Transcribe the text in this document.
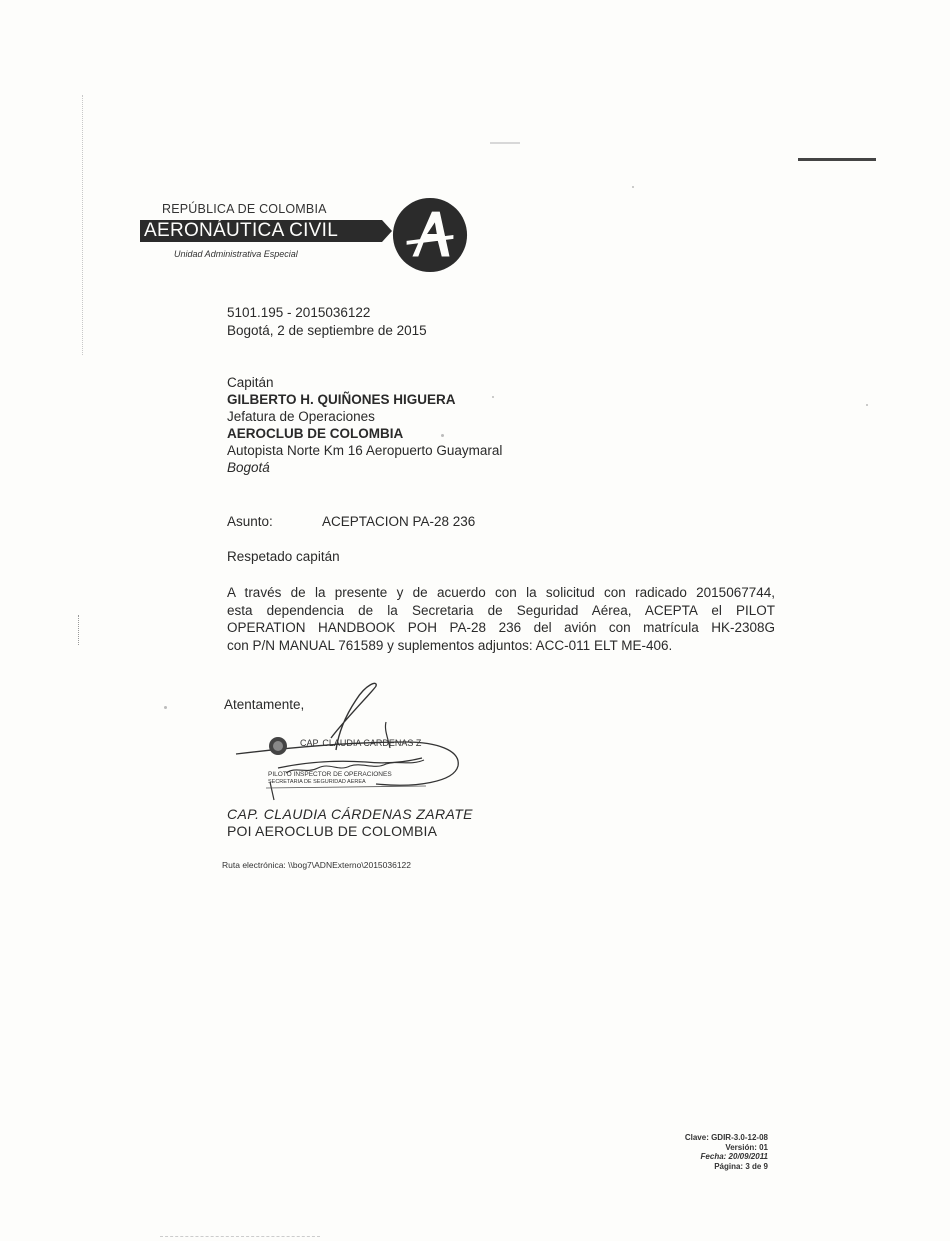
REPÚBLICA DE COLOMBIA
AERONÁUTICA CIVIL
Unidad Administrativa Especial
5101.195 - 2015036122
Bogotá, 2 de septiembre de 2015
Capitán
GILBERTO H. QUIÑONES HIGUERA
Jefatura de Operaciones
AEROCLUB DE COLOMBIA
Autopista Norte Km 16 Aeropuerto Guaymaral
Bogotá
Asunto:	ACEPTACION PA-28 236
Respetado capitán
A través de la presente y de acuerdo con la solicitud con radicado 2015067744,
esta dependencia de la Secretaria de Seguridad Aérea, ACEPTA el PILOT
OPERATION HANDBOOK POH PA-28 236 del avión con matrícula HK-2308G
con P/N MANUAL 761589 y suplementos adjuntos: ACC-011 ELT ME-406.
Atentamente,
CAP. CLAUDIA CARDENAS Z
PILOTO INSPECTOR DE OPERACIONES
SECRETARIA DE SEGURIDAD AEREA
CAP. CLAUDIA CÁRDENAS ZARATE
POI AEROCLUB DE COLOMBIA
Ruta electrónica: \\bog7\ADNExterno\2015036122
Clave: GDIR-3.0-12-08
Versión: 01
Fecha: 20/09/2011
Página: 3 de 9
